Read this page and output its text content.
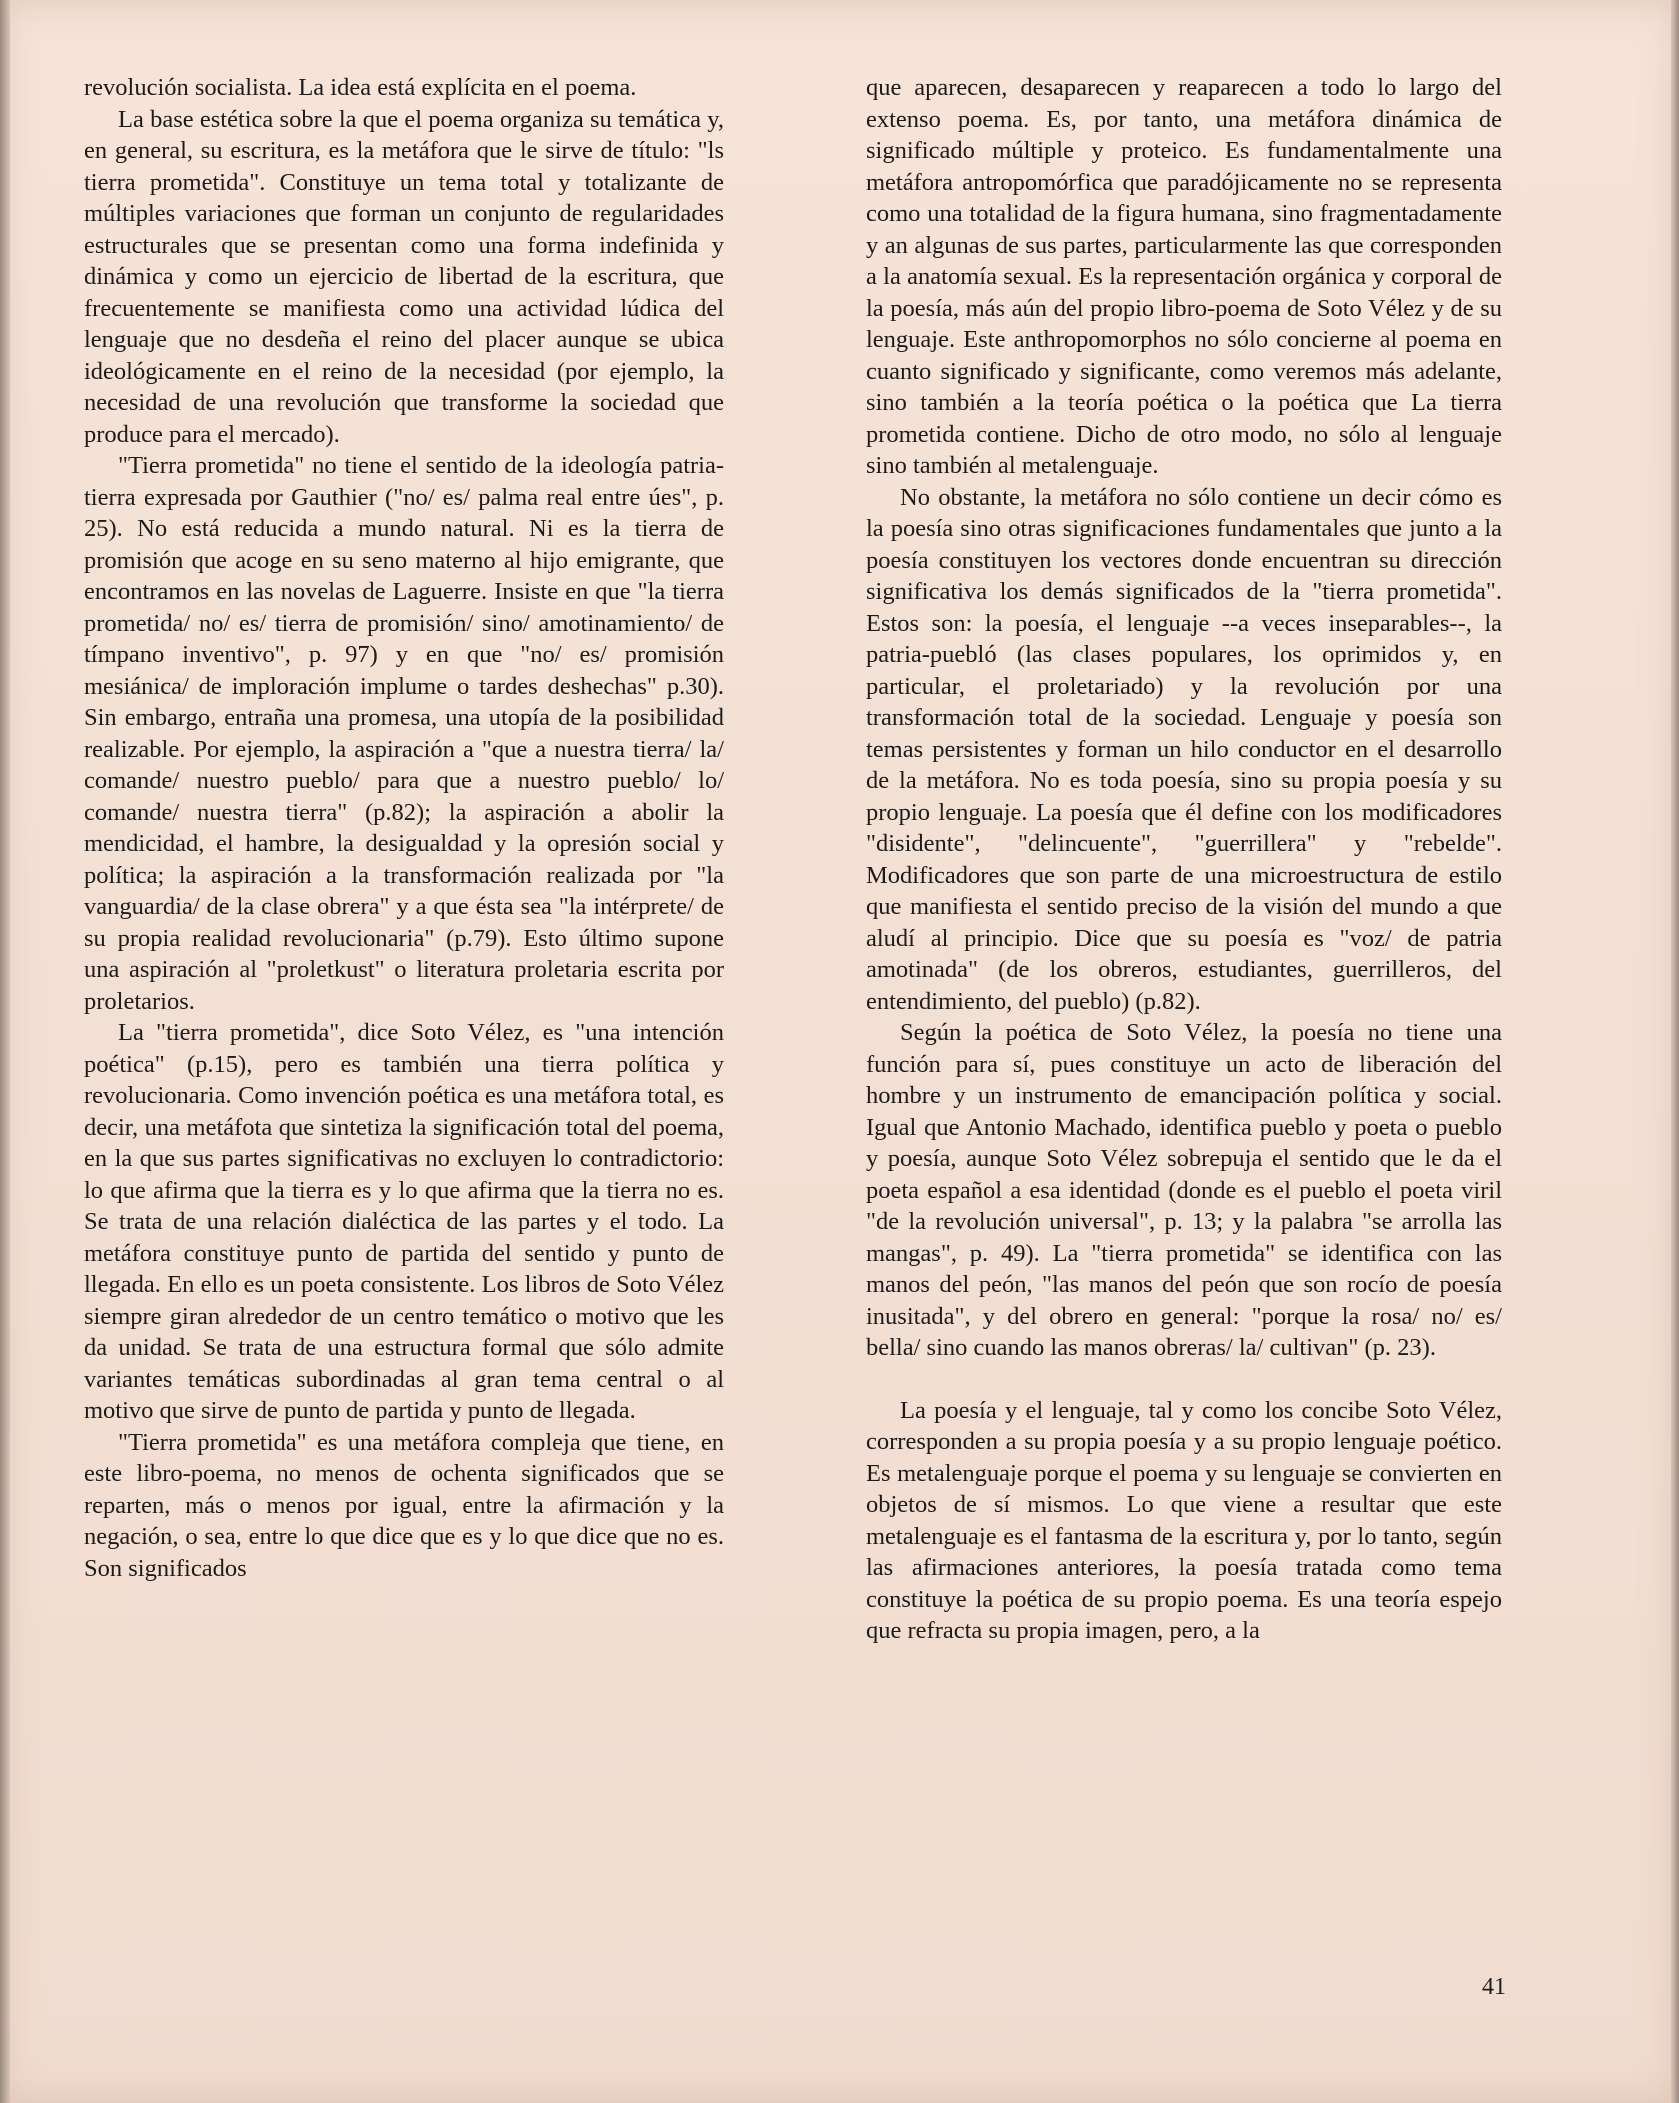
revolución socialista. La idea está explícita en el poema.

La base estética sobre la que el poema organiza su temática y, en general, su escritura, es la metáfora que le sirve de título: "ls tierra prometida". Constituye un tema total y totalizante de múltiples variaciones que forman un conjunto de regularidades estructurales que se presentan como una forma indefinida y dinámica y como un ejercicio de libertad de la escritura, que frecuentemente se manifiesta como una actividad lúdica del lenguaje que no desdeña el reino del placer aunque se ubica ideológicamente en el reino de la necesidad (por ejemplo, la necesidad de una revolución que transforme la sociedad que produce para el mercado).

"Tierra prometida" no tiene el sentido de la ideología patria-tierra expresada por Gauthier ("no/ es/ palma real entre úes", p. 25). No está reducida a mundo natural. Ni es la tierra de promisión que acoge en su seno materno al hijo emigrante, que encontramos en las novelas de Laguerre. Insiste en que "la tierra prometida/ no/ es/ tierra de promisión/ sino/ amotinamiento/ de tímpano inventivo", p. 97) y en que "no/ es/ promisión mesiánica/ de imploración implume o tardes deshechas" p.30). Sin embargo, entraña una promesa, una utopía de la posibilidad realizable. Por ejemplo, la aspiración a "que a nuestra tierra/ la/ comande/ nuestro pueblo/ para que a nuestro pueblo/ lo/ comande/ nuestra tierra" (p.82); la aspiración a abolir la mendicidad, el hambre, la desigualdad y la opresión social y política; la aspiración a la transformación realizada por "la vanguardia/ de la clase obrera" y a que ésta sea "la intérprete/ de su propia realidad revolucionaria" (p.79). Esto último supone una aspiración al "proletkust" o literatura proletaria escrita por proletarios.

La "tierra prometida", dice Soto Vélez, es "una intención poética" (p.15), pero es también una tierra política y revolucionaria. Como invención poética es una metáfora total, es decir, una metáfota que sintetiza la significación total del poema, en la que sus partes significativas no excluyen lo contradictorio: lo que afirma que la tierra es y lo que afirma que la tierra no es. Se trata de una relación dialéctica de las partes y el todo. La metáfora constituye punto de partida del sentido y punto de llegada. En ello es un poeta consistente. Los libros de Soto Vélez siempre giran alrededor de un centro temático o motivo que les da unidad. Se trata de una estructura formal que sólo admite variantes temáticas subordinadas al gran tema central o al motivo que sirve de punto de partida y punto de llegada.

"Tierra prometida" es una metáfora compleja que tiene, en este libro-poema, no menos de ochenta significados que se reparten, más o menos por igual, entre la afirmación y la negación, o sea, entre lo que dice que es y lo que dice que no es. Son significados

que aparecen, desaparecen y reaparecen a todo lo largo del extenso poema. Es, por tanto, una metáfora dinámica de significado múltiple y proteico. Es fundamentalmente una metáfora antropomórfica que paradójicamente no se representa como una totalidad de la figura humana, sino fragmentadamente y an algunas de sus partes, particularmente las que corresponden a la anatomía sexual. Es la representación orgánica y corporal de la poesía, más aún del propio libro-poema de Soto Vélez y de su lenguaje. Este anthropomorphos no sólo concierne al poema en cuanto significado y significante, como veremos más adelante, sino también a la teoría poética o la poética que La tierra prometida contiene. Dicho de otro modo, no sólo al lenguaje sino también al metalenguaje.

No obstante, la metáfora no sólo contiene un decir cómo es la poesía sino otras significaciones fundamentales que junto a la poesía constituyen los vectores donde encuentran su dirección significativa los demás significados de la "tierra prometida". Estos son: la poesía, el lenguaje --a veces inseparables--, la patria-puebló (las clases populares, los oprimidos y, en particular, el proletariado) y la revolución por una transformación total de la sociedad. Lenguaje y poesía son temas persistentes y forman un hilo conductor en el desarrollo de la metáfora. No es toda poesía, sino su propia poesía y su propio lenguaje. La poesía que él define con los modificadores "disidente", "delincuente", "guerrillera" y "rebelde". Modificadores que son parte de una microestructura de estilo que manifiesta el sentido preciso de la visión del mundo a que aludí al principio. Dice que su poesía es "voz/ de patria amotinada" (de los obreros, estudiantes, guerrilleros, del entendimiento, del pueblo) (p.82).

Según la poética de Soto Vélez, la poesía no tiene una función para sí, pues constituye un acto de liberación del hombre y un instrumento de emancipación política y social. Igual que Antonio Machado, identifica pueblo y poeta o pueblo y poesía, aunque Soto Vélez sobrepuja el sentido que le da el poeta español a esa identidad (donde es el pueblo el poeta viril "de la revolución universal", p. 13; y la palabra "se arrolla las mangas", p. 49). La "tierra prometida" se identifica con las manos del peón, "las manos del peón que son rocío de poesía inusitada", y del obrero en general: "porque la rosa/ no/ es/ bella/ sino cuando las manos obreras/ la/ cultivan" (p. 23).

La poesía y el lenguaje, tal y como los concibe Soto Vélez, corresponden a su propia poesía y a su propio lenguaje poético. Es metalenguaje porque el poema y su lenguaje se convierten en objetos de sí mismos. Lo que viene a resultar que este metalenguaje es el fantasma de la escritura y, por lo tanto, según las afirmaciones anteriores, la poesía tratada como tema constituye la poética de su propio poema. Es una teoría espejo que refracta su propia imagen, pero, a la

41
